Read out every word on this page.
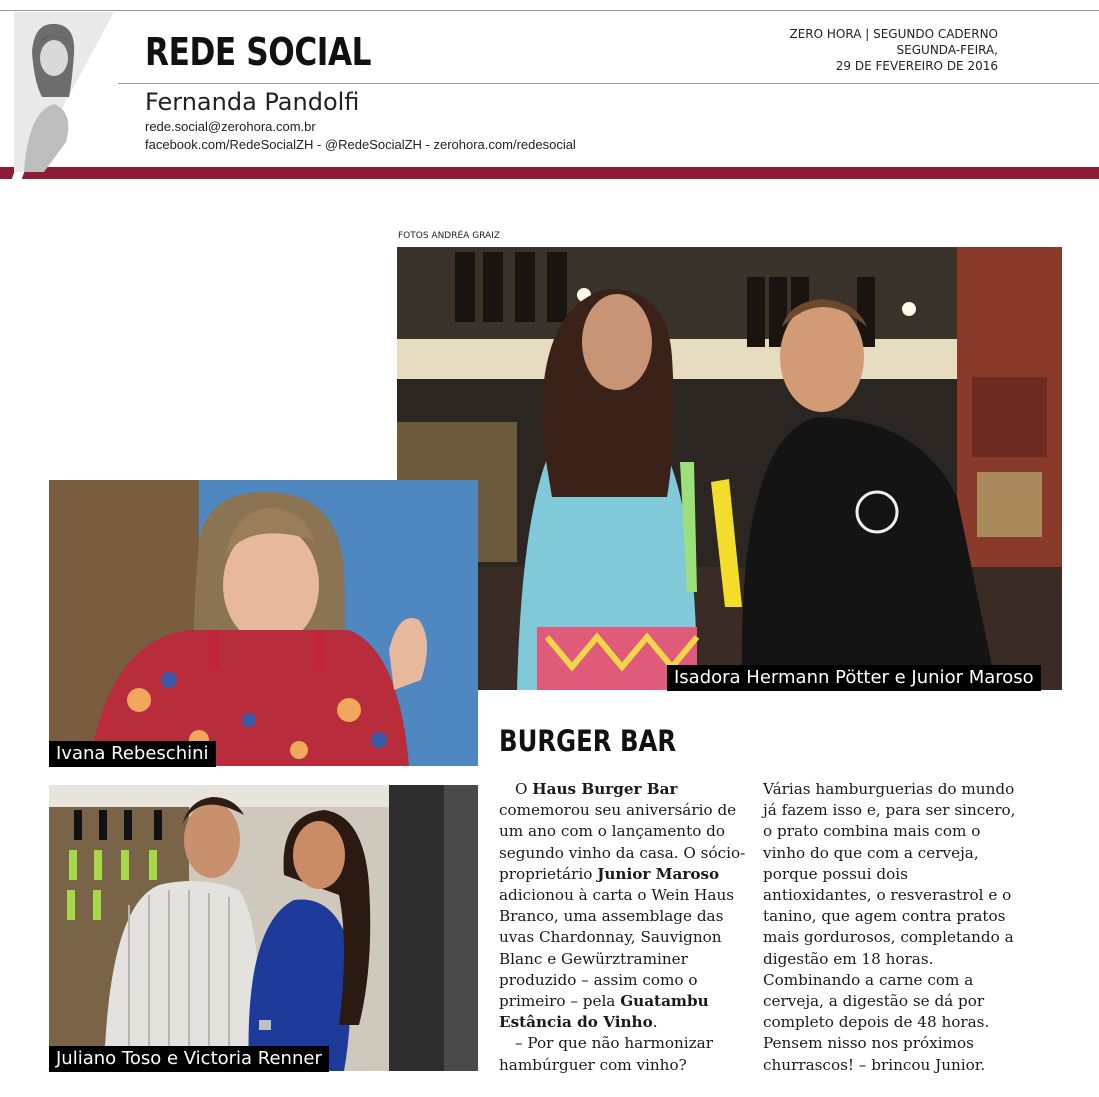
REDE SOCIAL
Fernanda Pandolfi
rede.social@zerohora.com.br
facebook.com/RedeSocialZH - @RedeSocialZH - zerohora.com/redesocial
ZERO HORA | SEGUNDO CADERNO
SEGUNDA-FEIRA,
29 DE FEVEREIRO DE 2016
FOTOS ANDRÉA GRAIZ
Isadora Hermann Pötter e Junior Maroso
Ivana Rebeschini
Juliano Toso e Victoria Renner
BURGER BAR

O Haus Burger Bar comemorou seu aniversário de um ano com o lançamento do segundo vinho da casa. O sócio-proprietário Junior Maroso adicionou à carta o Wein Haus Branco, uma assemblage das uvas Chardonnay, Sauvignon Blanc e Gewürztraminer produzido – assim como o primeiro – pela Guatambu Estância do Vinho.

– Por que não harmonizar hambúrguer com vinho?

Várias hamburguerias do mundo já fazem isso e, para ser sincero, o prato combina mais com o vinho do que com a cerveja, porque possui dois antioxidantes, o resverastrol e o tanino, que agem contra pratos mais gordurosos, completando a digestão em 18 horas. Combinando a carne com a cerveja, a digestão se dá por completo depois de 48 horas. Pensem nisso nos próximos churrascos! – brincou Junior.
